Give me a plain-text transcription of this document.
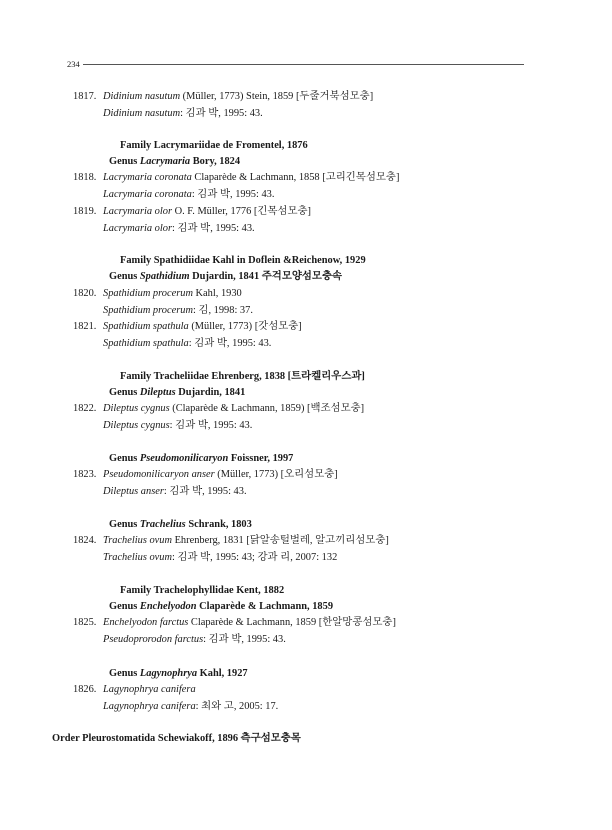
234
1817. Didinium nasutum (Müller, 1773) Stein, 1859 [두줄거북섬모충]
Didinium nasutum: 김과 박, 1995: 43.
Family Lacrymariidae de Fromentel, 1876
Genus Lacrymaria Bory, 1824
1818. Lacrymaria coronata Claparède & Lachmann, 1858 [고리긴목섬모충]
Lacrymaria coronata: 김과 박, 1995: 43.
1819. Lacrymaria olor O. F. Müller, 1776 [긴목섬모충]
Lacrymaria olor: 김과 박, 1995: 43.
Family Spathidiidae Kahl in Doflein &Reichenow, 1929
Genus Spathidium Dujardin, 1841 주걱모양섬모충속
1820. Spathidium procerum Kahl, 1930
Spathidium procerum: 김, 1998: 37.
1821. Spathidium spathula (Müller, 1773) [갓섬모충]
Spathidium spathula: 김과 박, 1995: 43.
Family Tracheliidae Ehrenberg, 1838 [트라켈리우스과]
Genus Dileptus Dujardin, 1841
1822. Dileptus cygnus (Claparède & Lachmann, 1859) [백조섬모충]
Dileptus cygnus: 김과 박, 1995: 43.
Genus Pseudomonilicaryon Foissner, 1997
1823. Pseudomonilicaryon anser (Müller, 1773) [오리섬모충]
Dileptus anser: 김과 박, 1995: 43.
Genus Trachelius Schrank, 1803
1824. Trachelius ovum Ehrenberg, 1831 [닭알송털벌레, 알고끼리섬모충]
Trachelius ovum: 김과 박, 1995: 43; 강과 리, 2007: 132
Family Trachelophyllidae Kent, 1882
Genus Enchelyodon Claparède & Lachmann, 1859
1825. Enchelyodon farctus Claparède & Lachmann, 1859 [한알망콩섬모충]
Pseudoprorodon farctus: 김과 박, 1995: 43.
Genus Lagynophrya Kahl, 1927
1826. Lagynophrya canifera
Lagynophrya canifera: 최와 고, 2005: 17.
Order Pleurostomatida Schewiakoff, 1896 측구섬모충목
